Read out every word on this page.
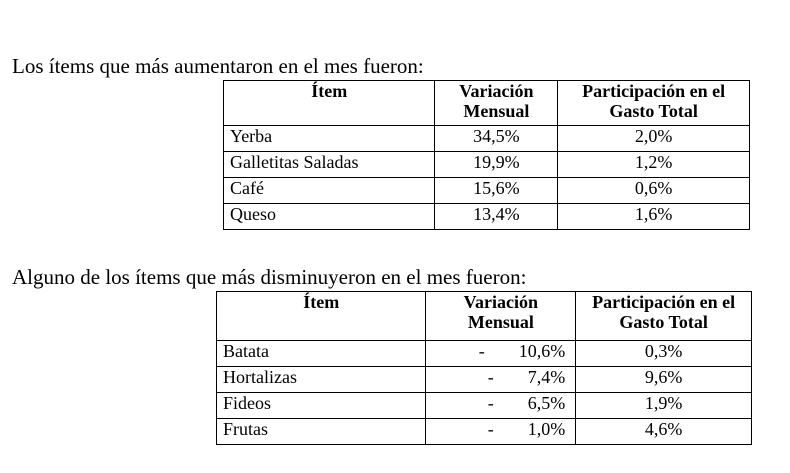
Los ítems que más aumentaron en el mes fueron:

Ítem	Variación Mensual	Participación en el Gasto Total
Yerba	34,5%	2,0%
Galletitas Saladas	19,9%	1,2%
Café	15,6%	0,6%
Queso	13,4%	1,6%

Alguno de los ítems que más disminuyeron en el mes fueron:

Ítem	Variación Mensual	Participación en el Gasto Total
Batata	- 10,6%	0,3%
Hortalizas	- 7,4%	9,6%
Fideos	- 6,5%	1,9%
Frutas	- 1,0%	4,6%
